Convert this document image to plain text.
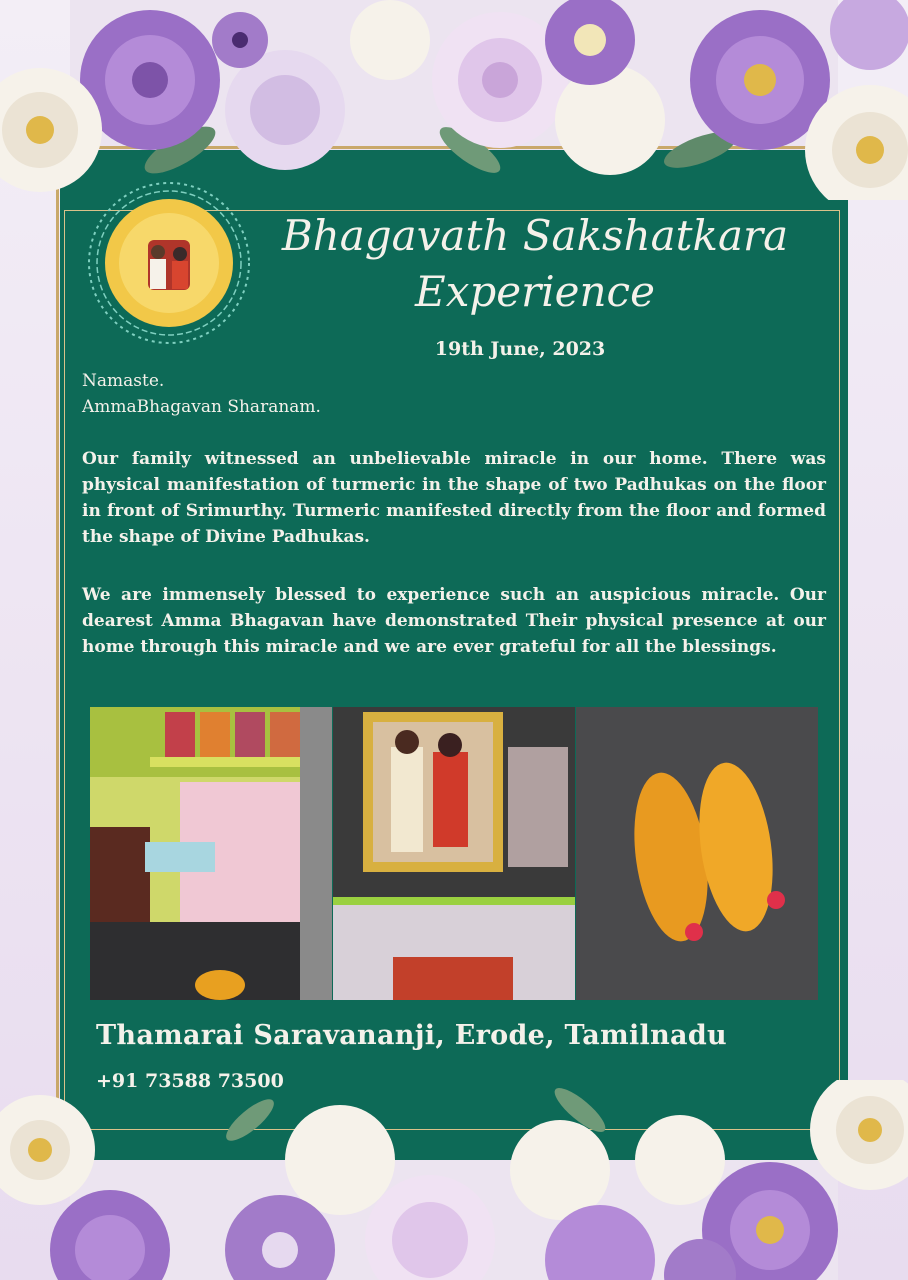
Bhagavath Sakshatkara
Experience
19th June, 2023
Namaste.
AmmaBhagavan Sharanam.
Our family witnessed an unbelievable miracle in our home. There was physical manifestation of turmeric in the shape of two Padhukas on the floor in front of Srimurthy. Turmeric manifested directly from the floor and formed the shape of Divine Padhukas.
We are immensely blessed to experience such an auspicious miracle. Our dearest Amma Bhagavan have demonstrated Their physical presence at our home through this miracle and we are ever grateful for all the blessings.
Thamarai Saravananji, Erode, Tamilnadu
+91 73588 73500
